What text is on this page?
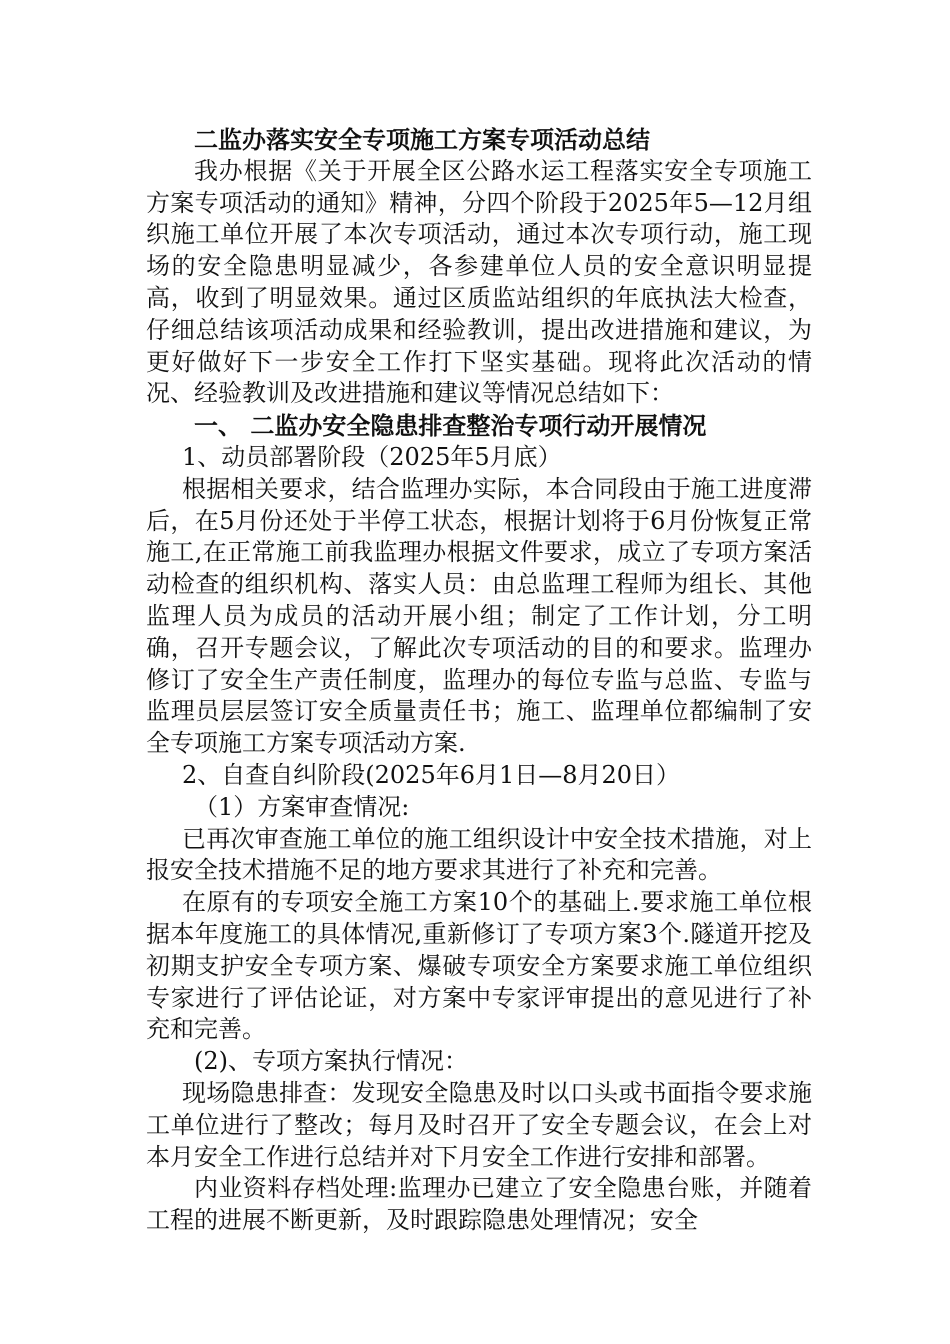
二监办落实安全专项施工方案专项活动总结

我办根据《关于开展全区公路水运工程落实安全专项施工方案专项活动的通知》精神，分四个阶段于2025年5—12月组织施工单位开展了本次专项活动，通过本次专项行动，施工现场的安全隐患明显减少，各参建单位人员的安全意识明显提高，收到了明显效果。通过区质监站组织的年底执法大检查，仔细总结该项活动成果和经验教训，提出改进措施和建议，为更好做好下一步安全工作打下坚实基础。现将此次活动的情况、经验教训及改进措施和建议等情况总结如下：

一、 二监办安全隐患排查整治专项行动开展情况

1、动员部署阶段（2025年5月底）

根据相关要求，结合监理办实际，本合同段由于施工进度滞后，在5月份还处于半停工状态，根据计划将于6月份恢复正常施工,在正常施工前我监理办根据文件要求，成立了专项方案活动检查的组织机构、落实人员：由总监理工程师为组长、其他监理人员为成员的活动开展小组；制定了工作计划，分工明确，召开专题会议，了解此次专项活动的目的和要求。监理办修订了安全生产责任制度，监理办的每位专监与总监、专监与监理员层层签订安全质量责任书；施工、监理单位都编制了安全专项施工方案专项活动方案.

2、自查自纠阶段(2025年6月1日—8月20日）

（1）方案审查情况:

已再次审查施工单位的施工组织设计中安全技术措施，对上报安全技术措施不足的地方要求其进行了补充和完善。

在原有的专项安全施工方案10个的基础上.要求施工单位根据本年度施工的具体情况,重新修订了专项方案3个.隧道开挖及初期支护安全专项方案、爆破专项安全方案要求施工单位组织专家进行了评估论证，对方案中专家评审提出的意见进行了补充和完善。

(2)、专项方案执行情况：

现场隐患排查：发现安全隐患及时以口头或书面指令要求施工单位进行了整改；每月及时召开了安全专题会议，在会上对本月安全工作进行总结并对下月安全工作进行安排和部署。

内业资料存档处理:监理办已建立了安全隐患台账，并随着工程的进展不断更新，及时跟踪隐患处理情况；安全
